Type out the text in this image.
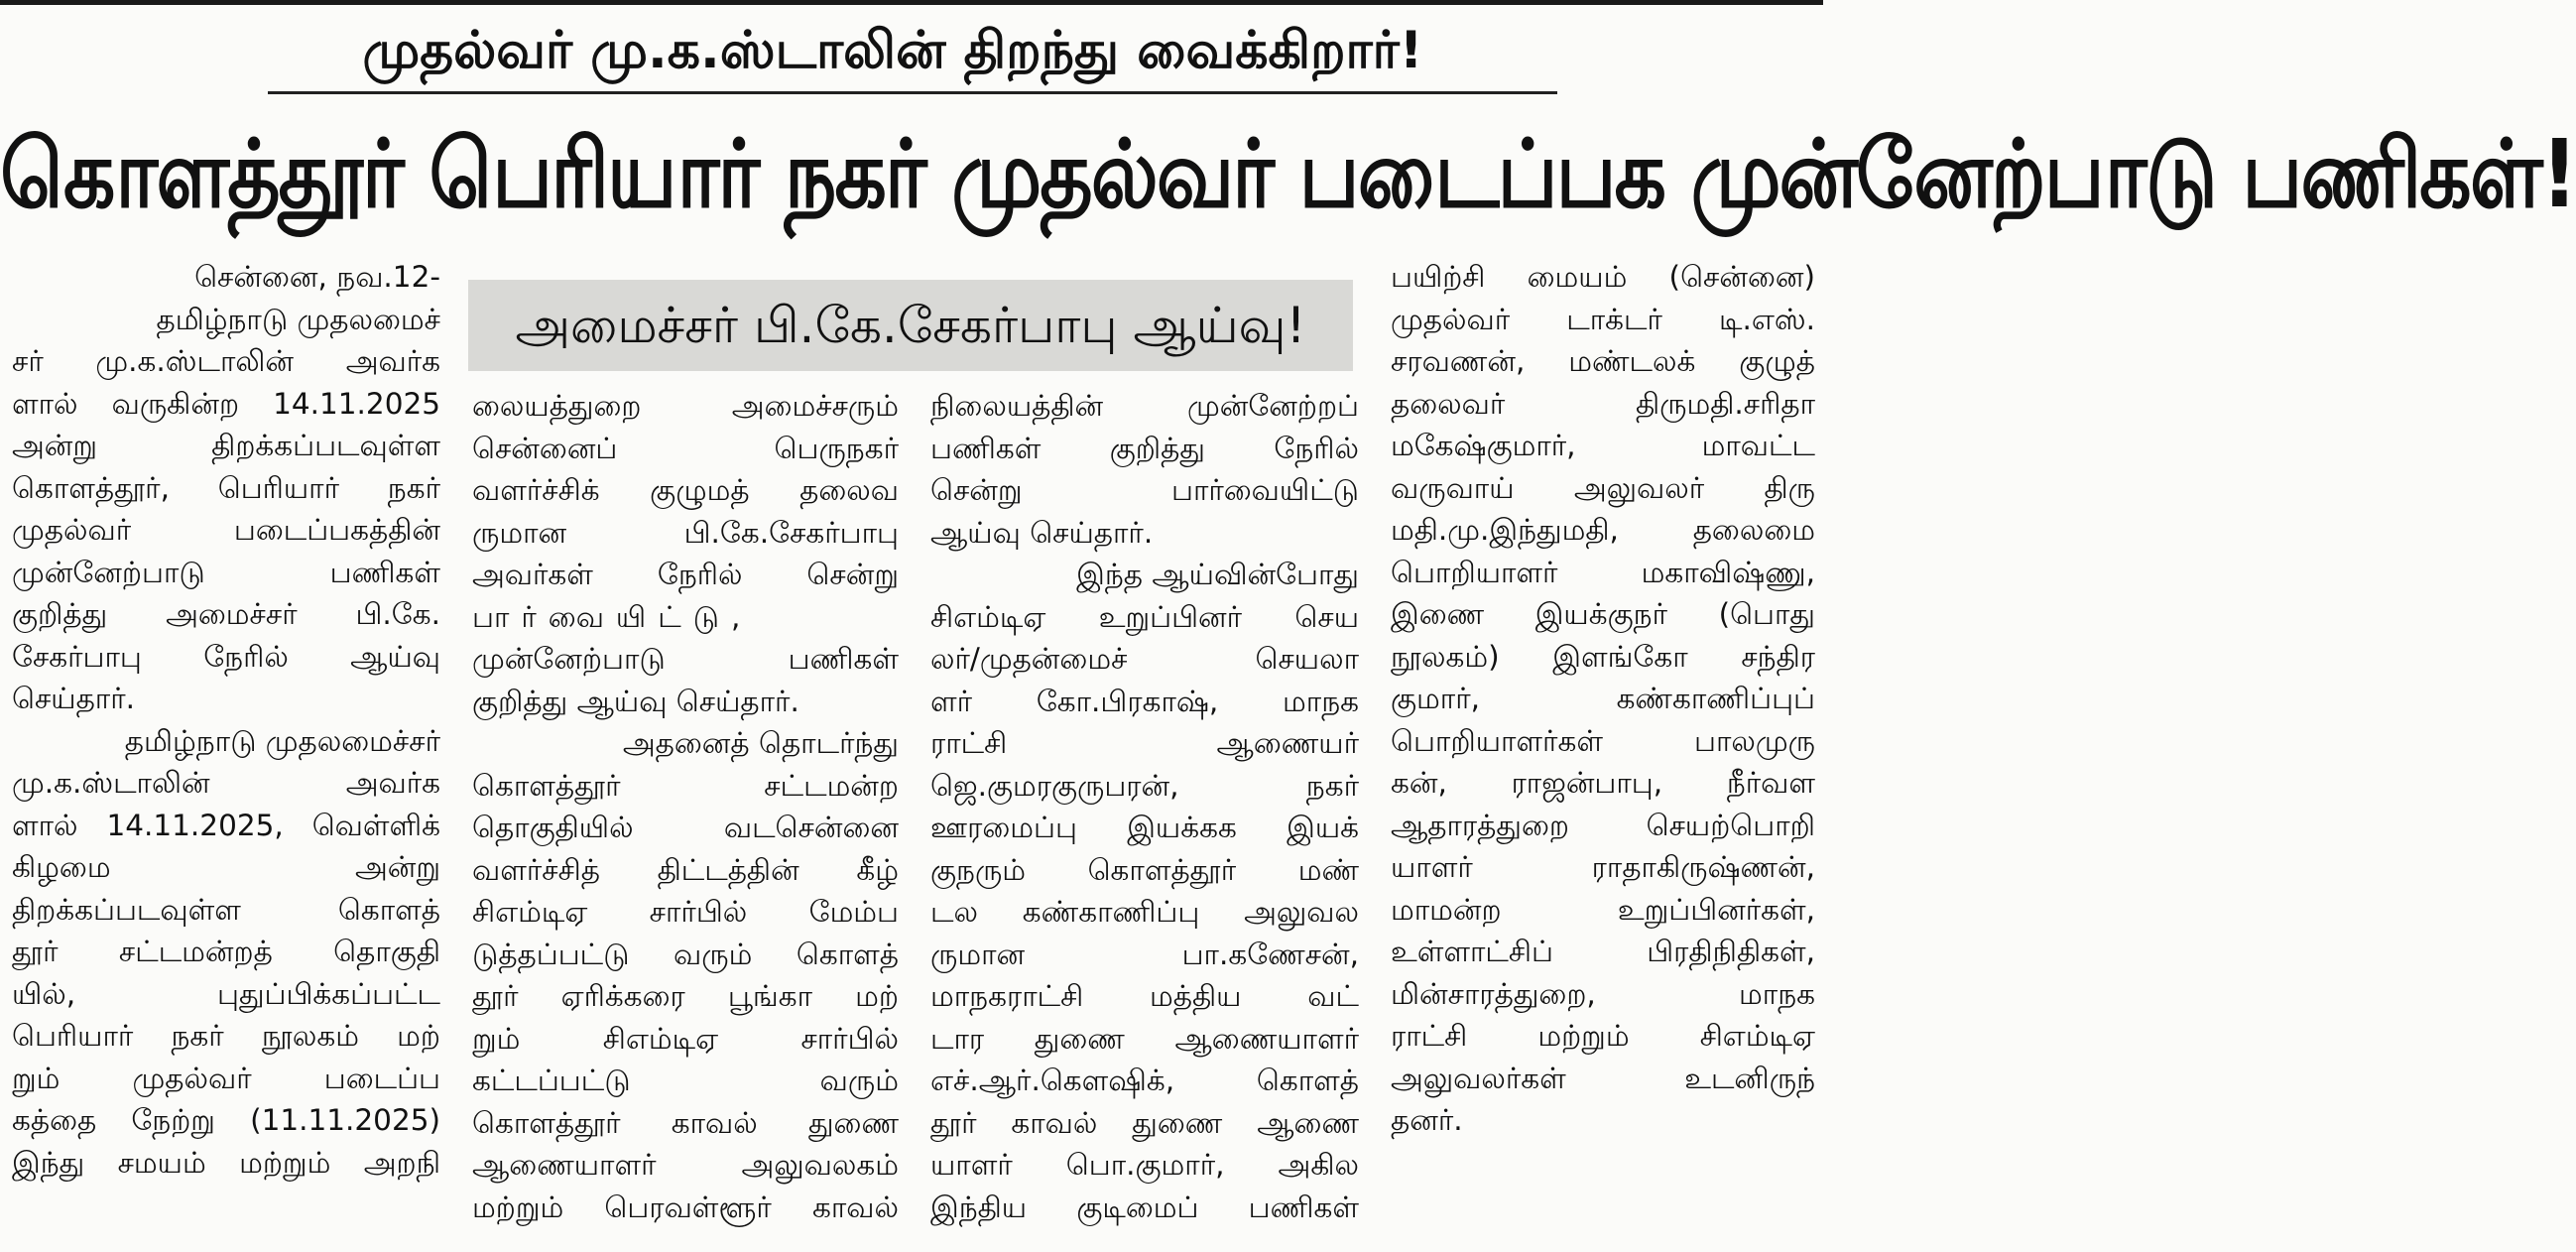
முதல்வர் மு.க.ஸ்டாலின் திறந்து வைக்கிறார்!
கொளத்தூர் பெரியார் நகர் முதல்வர் படைப்பக முன்னேற்பாடு பணிகள்!
அமைச்சர் பி.கே.சேகர்பாபு ஆய்வு!
சென்னை, நவ.12-
தமிழ்நாடு முதலமைச்
சர் மு.க.ஸ்டாலின் அவர்க
ளால் வருகின்ற 14.11.2025
அன்று திறக்கப்படவுள்ள
கொளத்தூர், பெரியார் நகர்
முதல்வர் படைப்பகத்தின்
முன்னேற்பாடு பணிகள்
குறித்து அமைச்சர் பி.கே.
சேகர்பாபு நேரில் ஆய்வு
செய்தார்.
தமிழ்நாடு முதலமைச்சர்
மு.க.ஸ்டாலின் அவர்க
ளால் 14.11.2025, வெள்ளிக்
கிழமை அன்று
திறக்கப்படவுள்ள கொளத்
தூர் சட்டமன்றத் தொகுதி
யில், புதுப்பிக்கப்பட்ட
பெரியார் நகர் நூலகம் மற்
றும் முதல்வர் படைப்ப
கத்தை நேற்று (11.11.2025)
இந்து சமயம் மற்றும் அறநி
லையத்துறை அமைச்சரும்
சென்னைப் பெருநகர்
வளர்ச்சிக் குழுமத் தலைவ
ருமான பி.கே.சேகர்பாபு
அவர்கள் நேரில் சென்று
பார்வையிட்டு,
முன்னேற்பாடு பணிகள்
குறித்து ஆய்வு செய்தார்.
அதனைத் தொடர்ந்து
கொளத்தூர் சட்டமன்ற
தொகுதியில் வடசென்னை
வளர்ச்சித் திட்டத்தின் கீழ்
சிஎம்டிஏ சார்பில் மேம்ப
டுத்தப்பட்டு வரும் கொளத்
தூர் ஏரிக்கரை பூங்கா மற்
றும் சிஎம்டிஏ சார்பில்
கட்டப்பட்டு வரும்
கொளத்தூர் காவல் துணை
ஆணையாளர் அலுவலகம்
மற்றும் பெரவள்ளூர் காவல்
நிலையத்தின் முன்னேற்றப்
பணிகள் குறித்து நேரில்
சென்று பார்வையிட்டு
ஆய்வு செய்தார்.
இந்த ஆய்வின்போது
சிஎம்டிஏ உறுப்பினர் செய
லர்/முதன்மைச் செயலா
ளர் கோ.பிரகாஷ், மாநக
ராட்சி ஆணையர்
ஜெ.குமரகுருபரன், நகர்
ஊரமைப்பு இயக்கக இயக்
குநரும் கொளத்தூர் மண்
டல கண்காணிப்பு அலுவல
ருமான பா.கணேசன்,
மாநகராட்சி மத்திய வட்
டார துணை ஆணையாளர்
எச்.ஆர்.கௌஷிக், கொளத்
தூர் காவல் துணை ஆணை
யாளர் பொ.குமார், அகில
இந்திய குடிமைப் பணிகள்
பயிற்சி மையம் (சென்னை)
முதல்வர் டாக்டர் டி.எஸ்.
சரவணன், மண்டலக் குழுத்
தலைவர் திருமதி.சரிதா
மகேஷ்குமார், மாவட்ட
வருவாய் அலுவலர் திரு
மதி.மு.இந்துமதி, தலைமை
பொறியாளர் மகாவிஷ்ணு,
இணை இயக்குநர் (பொது
நூலகம்) இளங்கோ சந்திர
குமார், கண்காணிப்புப்
பொறியாளர்கள் பாலமுரு
கன், ராஜன்பாபு, நீர்வள
ஆதாரத்துறை செயற்பொறி
யாளர் ராதாகிருஷ்ணன்,
மாமன்ற உறுப்பினர்கள்,
உள்ளாட்சிப் பிரதிநிதிகள்,
மின்சாரத்துறை, மாநக
ராட்சி மற்றும் சிஎம்டிஏ
அலுவலர்கள் உடனிருந்
தனர்.
